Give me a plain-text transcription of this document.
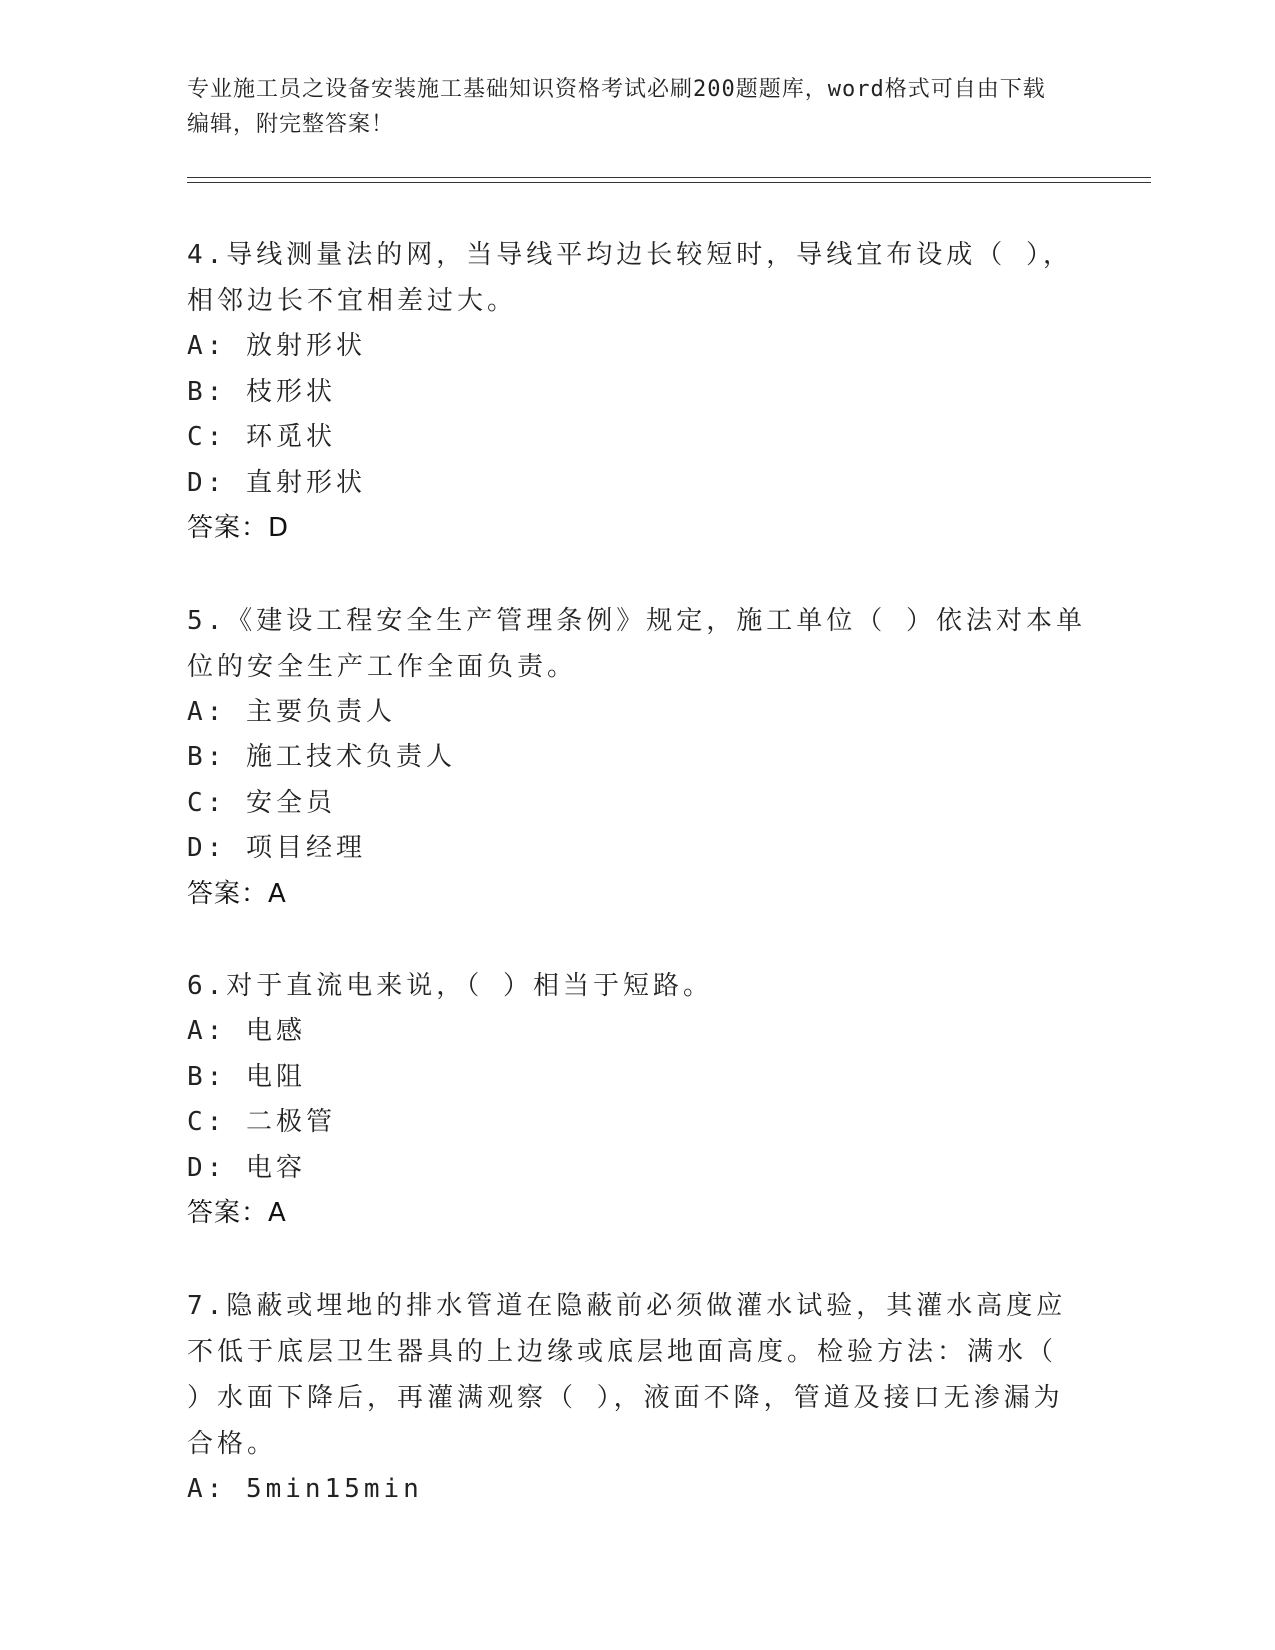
专业施工员之设备安装施工基础知识资格考试必刷200题题库，word格式可自由下载编辑，附完整答案！
4.导线测量法的网，当导线平均边长较短时，导线宜布设成（ ），相邻边长不宜相差过大。
A: 放射形状
B: 枝形状
C: 环觅状
D: 直射形状
答案：D
5.《建设工程安全生产管理条例》规定，施工单位（ ）依法对本单位的安全生产工作全面负责。
A: 主要负责人
B: 施工技术负责人
C: 安全员
D: 项目经理
答案：A
6.对于直流电来说，（ ）相当于短路。
A: 电感
B: 电阻
C: 二极管
D: 电容
答案：A
7.隐蔽或埋地的排水管道在隐蔽前必须做灌水试验，其灌水高度应不低于底层卫生器具的上边缘或底层地面高度。检验方法：满水（ ）水面下降后，再灌满观察（ ），液面不降，管道及接口无渗漏为合格。
A: 5min15min
